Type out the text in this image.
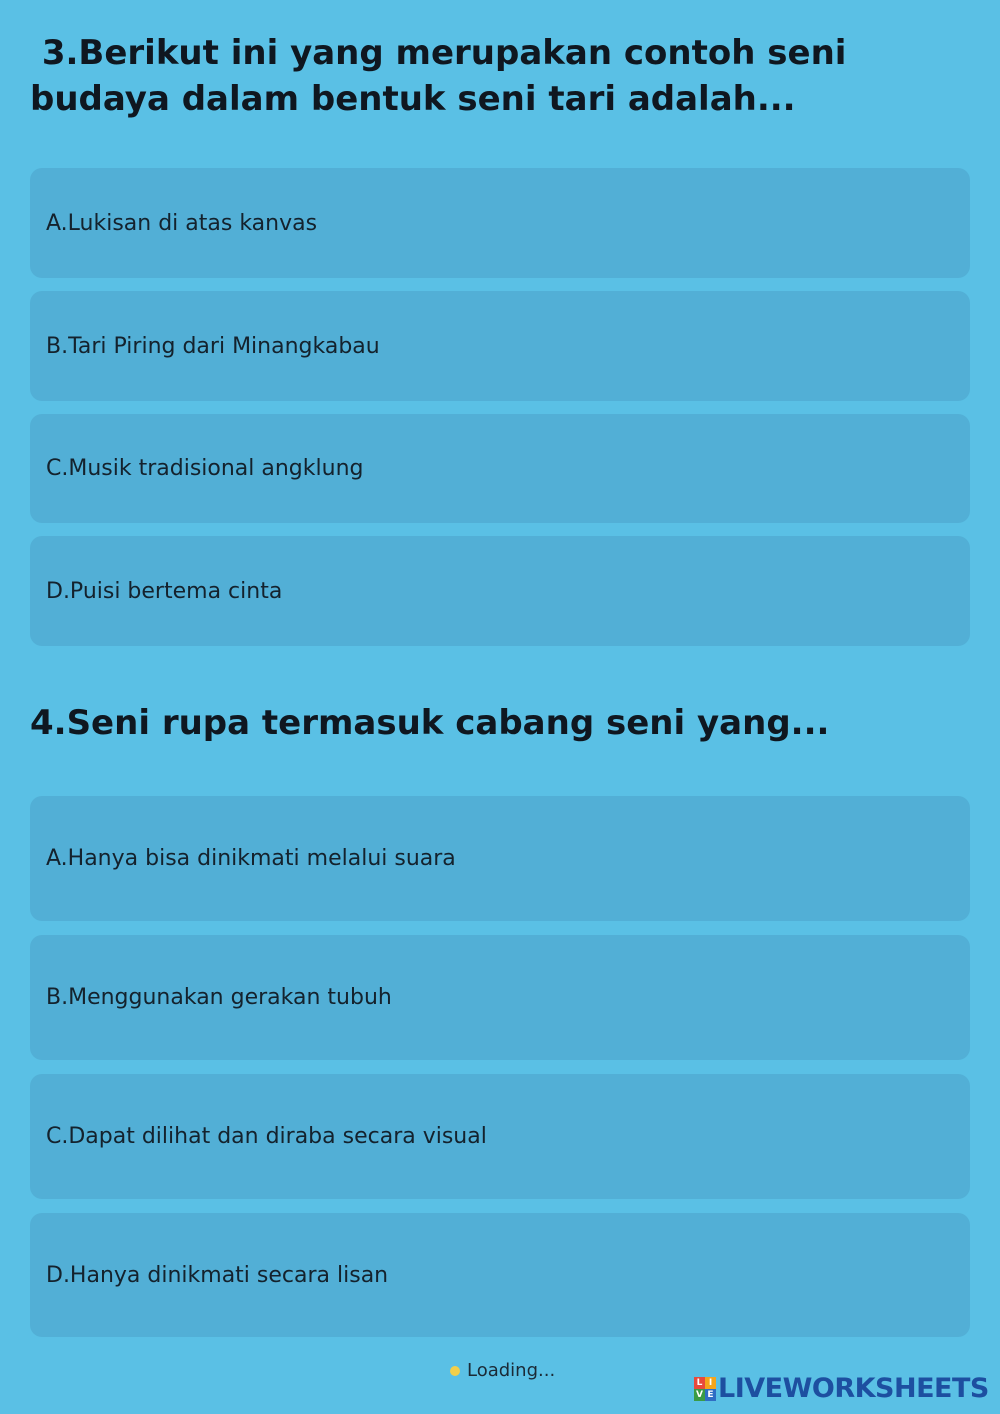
3.Berikut ini yang merupakan contoh seni budaya dalam bentuk seni tari adalah...
A.Lukisan di atas kanvas
B.Tari Piring dari Minangkabau
C.Musik tradisional angklung
D.Puisi bertema cinta
4.Seni rupa termasuk cabang seni yang...
A.Hanya bisa dinikmati melalui suara
B.Menggunakan gerakan tubuh
C.Dapat dilihat dan diraba secara visual
D.Hanya dinikmati secara lisan
Loading...
L I
V E LIVEWORKSHEETS
